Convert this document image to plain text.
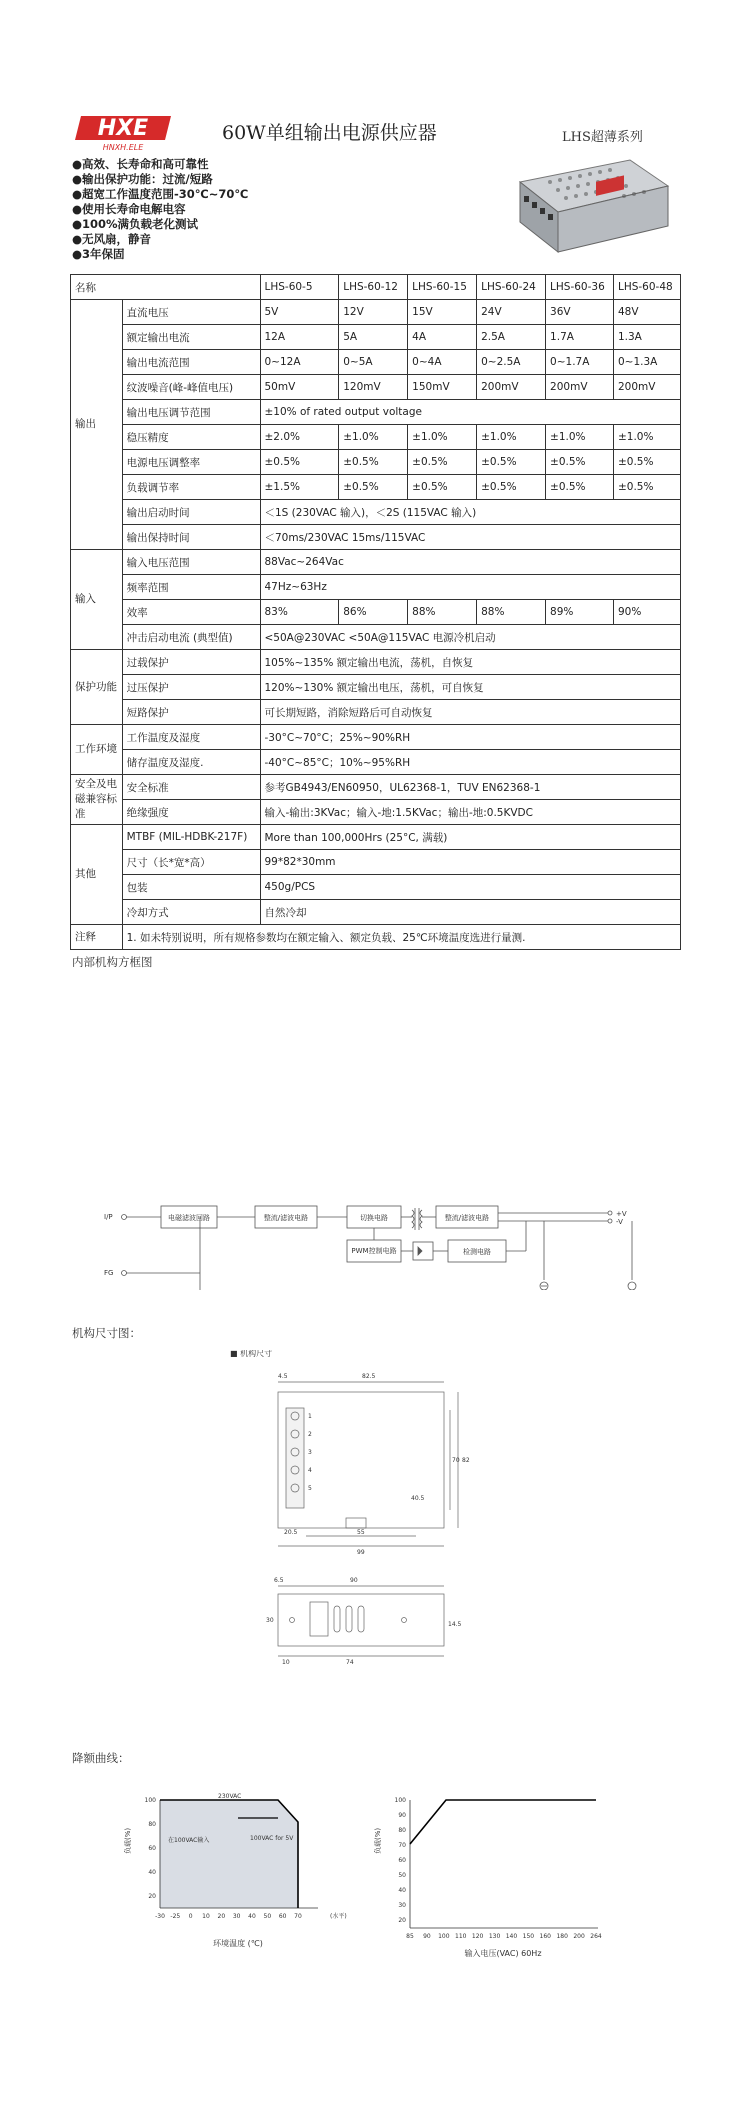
HXE
HNXH.ELE
60W单组输出电源供应器	LHS超薄系列
●高效、长寿命和高可靠性
●输出保护功能：过流/短路
●超宽工作温度范围-30℃~70℃
●使用长寿命电解电容
●100%满负载老化测试
●无风扇，静音
●3年保固
名称		LHS-60-5	LHS-60-12	LHS-60-15	LHS-60-24	LHS-60-36	LHS-60-48
输出	直流电压	5V	12V	15V	24V	36V	48V
	额定输出电流	12A	5A	4A	2.5A	1.7A	1.3A
	输出电流范围	0~12A	0~5A	0~4A	0~2.5A	0~1.7A	0~1.3A
	纹波噪音(峰-峰值电压)	50mV	120mV	150mV	200mV	200mV	200mV
	输出电压调节范围	±10% of rated output voltage					
	稳压精度	±2.0%	±1.0%	±1.0%	±1.0%	±1.0%	±1.0%
	电源电压调整率	±0.5%	±0.5%	±0.5%	±0.5%	±0.5%	±0.5%
	负载调节率	±1.5%	±0.5%	±0.5%	±0.5%	±0.5%	±0.5%
	输出启动时间	＜1S (230VAC 输入)，＜2S (115VAC 输入)					
	输出保持时间	＜70ms/230VAC 15ms/115VAC					
输入	输入电压范围	88Vac~264Vac					
	频率范围	47Hz~63Hz					
	效率	83%	86%	88%	88%	89%	90%
	冲击启动电流 (典型值)	<50A@230VAC <50A@115VAC 电源冷机启动					
保护功能	过载保护	105%~135% 额定输出电流，荡机，自恢复					
	过压保护	120%~130% 额定输出电压，荡机，可自恢复					
	短路保护	可长期短路，消除短路后可自动恢复					
工作环境	工作温度及湿度	-30°C~70°C；25%~90%RH					
	储存温度及湿度.	-40°C~85°C；10%~95%RH					
安全及电磁兼容标准	安全标准	参考GB4943/EN60950，UL62368-1，TUV EN62368-1					
	绝缘强度	输入-输出:3KVac；输入-地:1.5KVac；输出-地:0.5KVDC					
其他	MTBF (MIL-HDBK-217F)	More than 100,000Hrs (25°C, 满载)					
	尺寸（长*宽*高）	99*82*30mm					
	包装	450g/PCS					
	冷却方式	自然冷却					
注释	1. 如未特别说明，所有规格参数均在额定输入、额定负载、25℃环境温度选进行量测.						
内部机构方框图
I/P
FG
电磁滤波回路	整流/滤波电路	切换电路	整流/滤波电路	+V
-V
PWM控制电路	检测电路
机构尺寸图：
■ 机构尺寸
4.5	82.5
1
2
3
4
5
82
70
99
55
20.5
40.5
6.5	90
30
14.5
10	74
降额曲线：
230VAC
在100VAC输入	100VAC for 5V
负载(%)
环境温度 (℃)
100
80
60
40
20
-30 -25 0 10 20 30 40 50 60 70	(水平)
负载(%)
输入电压(VAC) 60Hz
100
90
80
70
60
50
40
30
20
85 90 100 110 120 130 140 150 160 180 200 264
